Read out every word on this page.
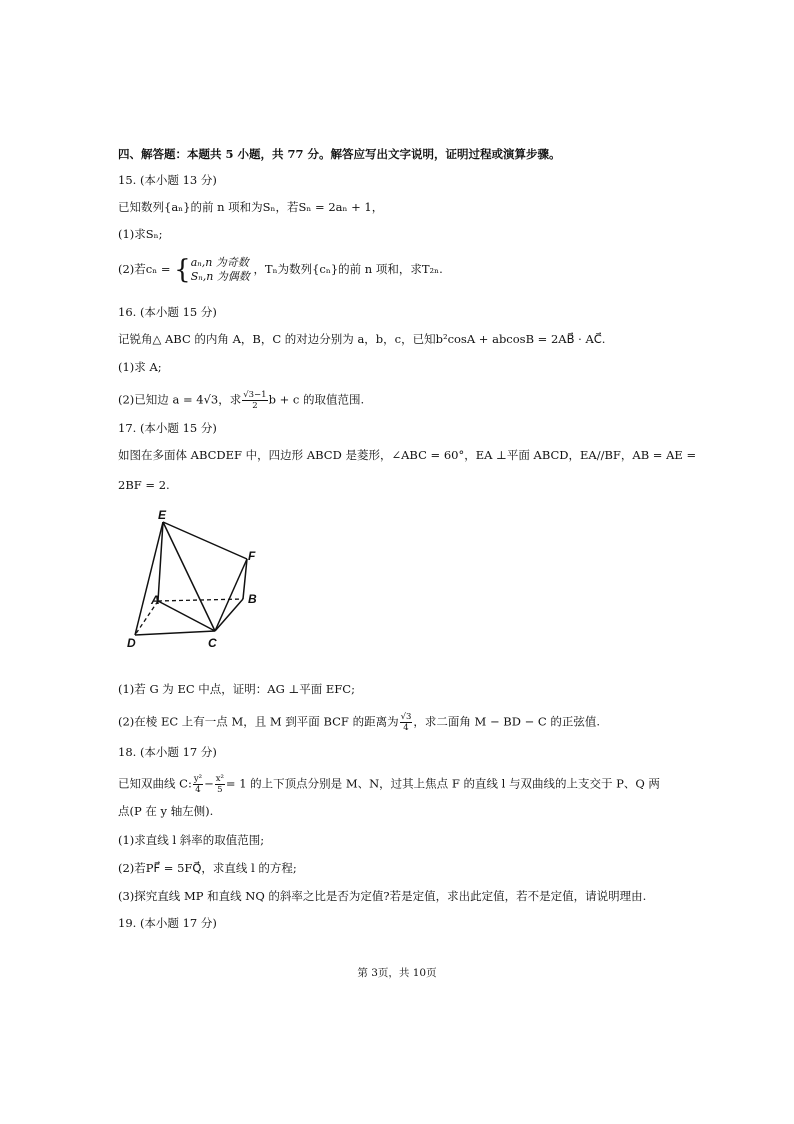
四、解答题：本题共 5 小题，共 77 分。解答应写出文字说明，证明过程或演算步骤。
15. (本小题 13 分)
已知数列{aₙ}的前 n 项和为Sₙ，若Sₙ = 2aₙ + 1，
(1)求Sₙ;
(2)若cₙ = {aₙ,n 为奇数
Sₙ,n 为偶数 ，Tₙ为数列{cₙ}的前 n 项和，求T₂ₙ.
16. (本小题 15 分)
记锐角△ ABC 的内角 A，B，C 的对边分别为 a，b，c，已知b²cosA + abcosB = 2AB⃗ · AC⃗.
(1)求 A;
(2)已知边 a = 4√3，求 $\frac{√3-1}{2}$ b + c 的取值范围.
17. (本小题 15 分)
如图在多面体 ABCDEF 中，四边形 ABCD 是菱形，∠ABC = 60°，EA ⊥平面 ABCD，EA//BF，AB = AE =
2BF = 2.
E
F
A	B
C
D
(1)若 G 为 EC 中点，证明：AG ⊥平面 EFC;
(2)在棱 EC 上有一点 M，且 M 到平面 BCF 的距离为 $\frac{√3}{4}$ ，求二面角 M − BD − C 的正弦值.
18. (本小题 17 分)
已知双曲线 C: $\frac{\text{y²}}{4} - \frac{\text{x²}}{5} = 1$ 的上下顶点分别是 M、N，过其上焦点 F 的直线 l 与双曲线的上支交于 P、Q 两
点(P 在 y 轴左侧).
(1)求直线 l 斜率的取值范围;
(2)若PF⃗ = 5FQ⃗，求直线 l 的方程;
(3)探究直线 MP 和直线 NQ 的斜率之比是否为定值?若是定值，求出此定值，若不是定值，请说明理由.
19. (本小题 17 分)
第 3页，共 10页
